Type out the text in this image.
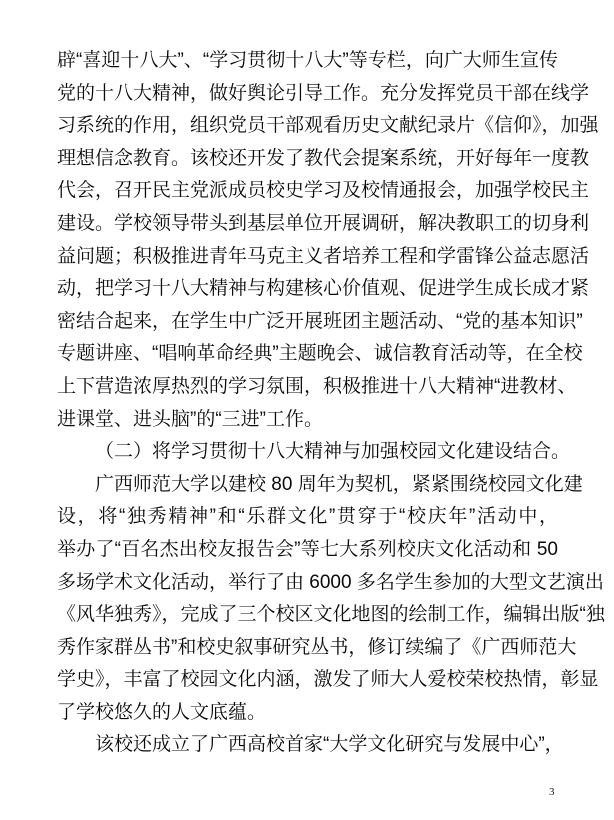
辟“喜迎十八大”、“学习贯彻十八大”等专栏，向广大师生宣传
党的十八大精神，做好舆论引导工作。充分发挥党员干部在线学
习系统的作用，组织党员干部观看历史文献纪录片《信仰》，加强
理想信念教育。该校还开发了教代会提案系统，开好每年一度教
代会，召开民主党派成员校史学习及校情通报会，加强学校民主
建设。学校领导带头到基层单位开展调研，解决教职工的切身利
益问题；积极推进青年马克主义者培养工程和学雷锋公益志愿活
动，把学习十八大精神与构建核心价值观、促进学生成长成才紧
密结合起来，在学生中广泛开展班团主题活动、“党的基本知识”
专题讲座、“唱响革命经典”主题晚会、诚信教育活动等，在全校
上下营造浓厚热烈的学习氛围，积极推进十八大精神“进教材、
进课堂、进头脑”的“三进”工作。
（二）将学习贯彻十八大精神与加强校园文化建设结合。
广西师范大学以建校 80 周年为契机，紧紧围绕校园文化建
设，将“独秀精神”和“乐群文化”贯穿于“校庆年”活动中，
举办了“百名杰出校友报告会”等七大系列校庆文化活动和 50
多场学术文化活动，举行了由 6000 多名学生参加的大型文艺演出
《风华独秀》，完成了三个校区文化地图的绘制工作，编辑出版“独
秀作家群丛书”和校史叙事研究丛书，修订续编了《广西师范大
学史》，丰富了校园文化内涵，激发了师大人爱校荣校热情，彰显
了学校悠久的人文底蕴。
该校还成立了广西高校首家“大学文化研究与发展中心”，
3
